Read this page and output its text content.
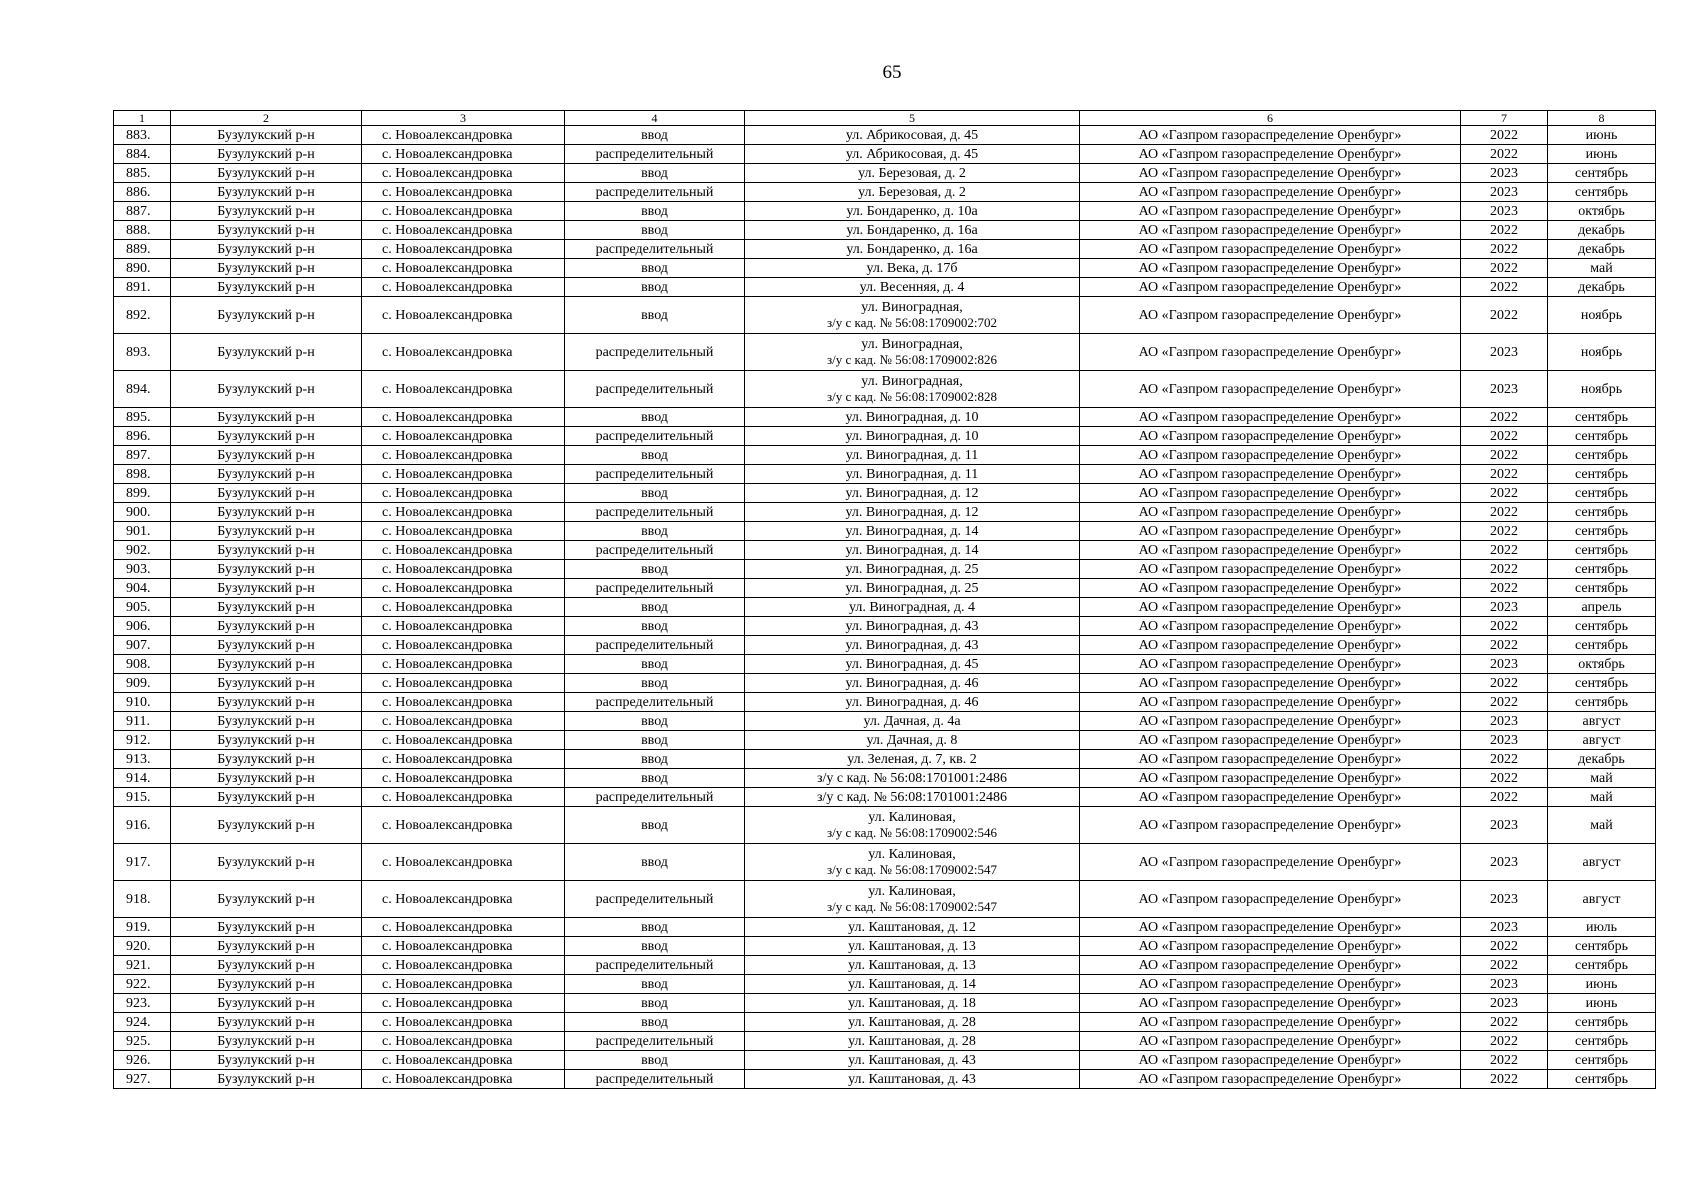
65
1	2	3	4	5	6	7	8
883.	Бузулукский р-н	с. Новоалександровка	ввод	ул. Абрикосовая, д. 45	АО «Газпром газораспределение Оренбург»	2022	июнь
884.	Бузулукский р-н	с. Новоалександровка	распределительный	ул. Абрикосовая, д. 45	АО «Газпром газораспределение Оренбург»	2022	июнь
885.	Бузулукский р-н	с. Новоалександровка	ввод	ул. Березовая, д. 2	АО «Газпром газораспределение Оренбург»	2023	сентябрь
886.	Бузулукский р-н	с. Новоалександровка	распределительный	ул. Березовая, д. 2	АО «Газпром газораспределение Оренбург»	2023	сентябрь
887.	Бузулукский р-н	с. Новоалександровка	ввод	ул. Бондаренко, д. 10а	АО «Газпром газораспределение Оренбург»	2023	октябрь
888.	Бузулукский р-н	с. Новоалександровка	ввод	ул. Бондаренко, д. 16а	АО «Газпром газораспределение Оренбург»	2022	декабрь
889.	Бузулукский р-н	с. Новоалександровка	распределительный	ул. Бондаренко, д. 16а	АО «Газпром газораспределение Оренбург»	2022	декабрь
890.	Бузулукский р-н	с. Новоалександровка	ввод	ул. Века, д. 17б	АО «Газпром газораспределение Оренбург»	2022	май
891.	Бузулукский р-н	с. Новоалександровка	ввод	ул. Весенняя, д. 4	АО «Газпром газораспределение Оренбург»	2022	декабрь
892.	Бузулукский р-н	с. Новоалександровка	ввод	ул. Виноградная,
з/у с кад. № 56:08:1709002:702	АО «Газпром газораспределение Оренбург»	2022	ноябрь
893.	Бузулукский р-н	с. Новоалександровка	распределительный	ул. Виноградная,
з/у с кад. № 56:08:1709002:826	АО «Газпром газораспределение Оренбург»	2023	ноябрь
894.	Бузулукский р-н	с. Новоалександровка	распределительный	ул. Виноградная,
з/у с кад. № 56:08:1709002:828	АО «Газпром газораспределение Оренбург»	2023	ноябрь
895.	Бузулукский р-н	с. Новоалександровка	ввод	ул. Виноградная, д. 10	АО «Газпром газораспределение Оренбург»	2022	сентябрь
896.	Бузулукский р-н	с. Новоалександровка	распределительный	ул. Виноградная, д. 10	АО «Газпром газораспределение Оренбург»	2022	сентябрь
897.	Бузулукский р-н	с. Новоалександровка	ввод	ул. Виноградная, д. 11	АО «Газпром газораспределение Оренбург»	2022	сентябрь
898.	Бузулукский р-н	с. Новоалександровка	распределительный	ул. Виноградная, д. 11	АО «Газпром газораспределение Оренбург»	2022	сентябрь
899.	Бузулукский р-н	с. Новоалександровка	ввод	ул. Виноградная, д. 12	АО «Газпром газораспределение Оренбург»	2022	сентябрь
900.	Бузулукский р-н	с. Новоалександровка	распределительный	ул. Виноградная, д. 12	АО «Газпром газораспределение Оренбург»	2022	сентябрь
901.	Бузулукский р-н	с. Новоалександровка	ввод	ул. Виноградная, д. 14	АО «Газпром газораспределение Оренбург»	2022	сентябрь
902.	Бузулукский р-н	с. Новоалександровка	распределительный	ул. Виноградная, д. 14	АО «Газпром газораспределение Оренбург»	2022	сентябрь
903.	Бузулукский р-н	с. Новоалександровка	ввод	ул. Виноградная, д. 25	АО «Газпром газораспределение Оренбург»	2022	сентябрь
904.	Бузулукский р-н	с. Новоалександровка	распределительный	ул. Виноградная, д. 25	АО «Газпром газораспределение Оренбург»	2022	сентябрь
905.	Бузулукский р-н	с. Новоалександровка	ввод	ул. Виноградная, д. 4	АО «Газпром газораспределение Оренбург»	2023	апрель
906.	Бузулукский р-н	с. Новоалександровка	ввод	ул. Виноградная, д. 43	АО «Газпром газораспределение Оренбург»	2022	сентябрь
907.	Бузулукский р-н	с. Новоалександровка	распределительный	ул. Виноградная, д. 43	АО «Газпром газораспределение Оренбург»	2022	сентябрь
908.	Бузулукский р-н	с. Новоалександровка	ввод	ул. Виноградная, д. 45	АО «Газпром газораспределение Оренбург»	2023	октябрь
909.	Бузулукский р-н	с. Новоалександровка	ввод	ул. Виноградная, д. 46	АО «Газпром газораспределение Оренбург»	2022	сентябрь
910.	Бузулукский р-н	с. Новоалександровка	распределительный	ул. Виноградная, д. 46	АО «Газпром газораспределение Оренбург»	2022	сентябрь
911.	Бузулукский р-н	с. Новоалександровка	ввод	ул. Дачная, д. 4а	АО «Газпром газораспределение Оренбург»	2023	август
912.	Бузулукский р-н	с. Новоалександровка	ввод	ул. Дачная, д. 8	АО «Газпром газораспределение Оренбург»	2023	август
913.	Бузулукский р-н	с. Новоалександровка	ввод	ул. Зеленая, д. 7, кв. 2	АО «Газпром газораспределение Оренбург»	2022	декабрь
914.	Бузулукский р-н	с. Новоалександровка	ввод	з/у с кад. № 56:08:1701001:2486	АО «Газпром газораспределение Оренбург»	2022	май
915.	Бузулукский р-н	с. Новоалександровка	распределительный	з/у с кад. № 56:08:1701001:2486	АО «Газпром газораспределение Оренбург»	2022	май
916.	Бузулукский р-н	с. Новоалександровка	ввод	ул. Калиновая,
з/у с кад. № 56:08:1709002:546	АО «Газпром газораспределение Оренбург»	2023	май
917.	Бузулукский р-н	с. Новоалександровка	ввод	ул. Калиновая,
з/у с кад. № 56:08:1709002:547	АО «Газпром газораспределение Оренбург»	2023	август
918.	Бузулукский р-н	с. Новоалександровка	распределительный	ул. Калиновая,
з/у с кад. № 56:08:1709002:547	АО «Газпром газораспределение Оренбург»	2023	август
919.	Бузулукский р-н	с. Новоалександровка	ввод	ул. Каштановая, д. 12	АО «Газпром газораспределение Оренбург»	2023	июль
920.	Бузулукский р-н	с. Новоалександровка	ввод	ул. Каштановая, д. 13	АО «Газпром газораспределение Оренбург»	2022	сентябрь
921.	Бузулукский р-н	с. Новоалександровка	распределительный	ул. Каштановая, д. 13	АО «Газпром газораспределение Оренбург»	2022	сентябрь
922.	Бузулукский р-н	с. Новоалександровка	ввод	ул. Каштановая, д. 14	АО «Газпром газораспределение Оренбург»	2023	июнь
923.	Бузулукский р-н	с. Новоалександровка	ввод	ул. Каштановая, д. 18	АО «Газпром газораспределение Оренбург»	2023	июнь
924.	Бузулукский р-н	с. Новоалександровка	ввод	ул. Каштановая, д. 28	АО «Газпром газораспределение Оренбург»	2022	сентябрь
925.	Бузулукский р-н	с. Новоалександровка	распределительный	ул. Каштановая, д. 28	АО «Газпром газораспределение Оренбург»	2022	сентябрь
926.	Бузулукский р-н	с. Новоалександровка	ввод	ул. Каштановая, д. 43	АО «Газпром газораспределение Оренбург»	2022	сентябрь
927.	Бузулукский р-н	с. Новоалександровка	распределительный	ул. Каштановая, д. 43	АО «Газпром газораспределение Оренбург»	2022	сентябрь
